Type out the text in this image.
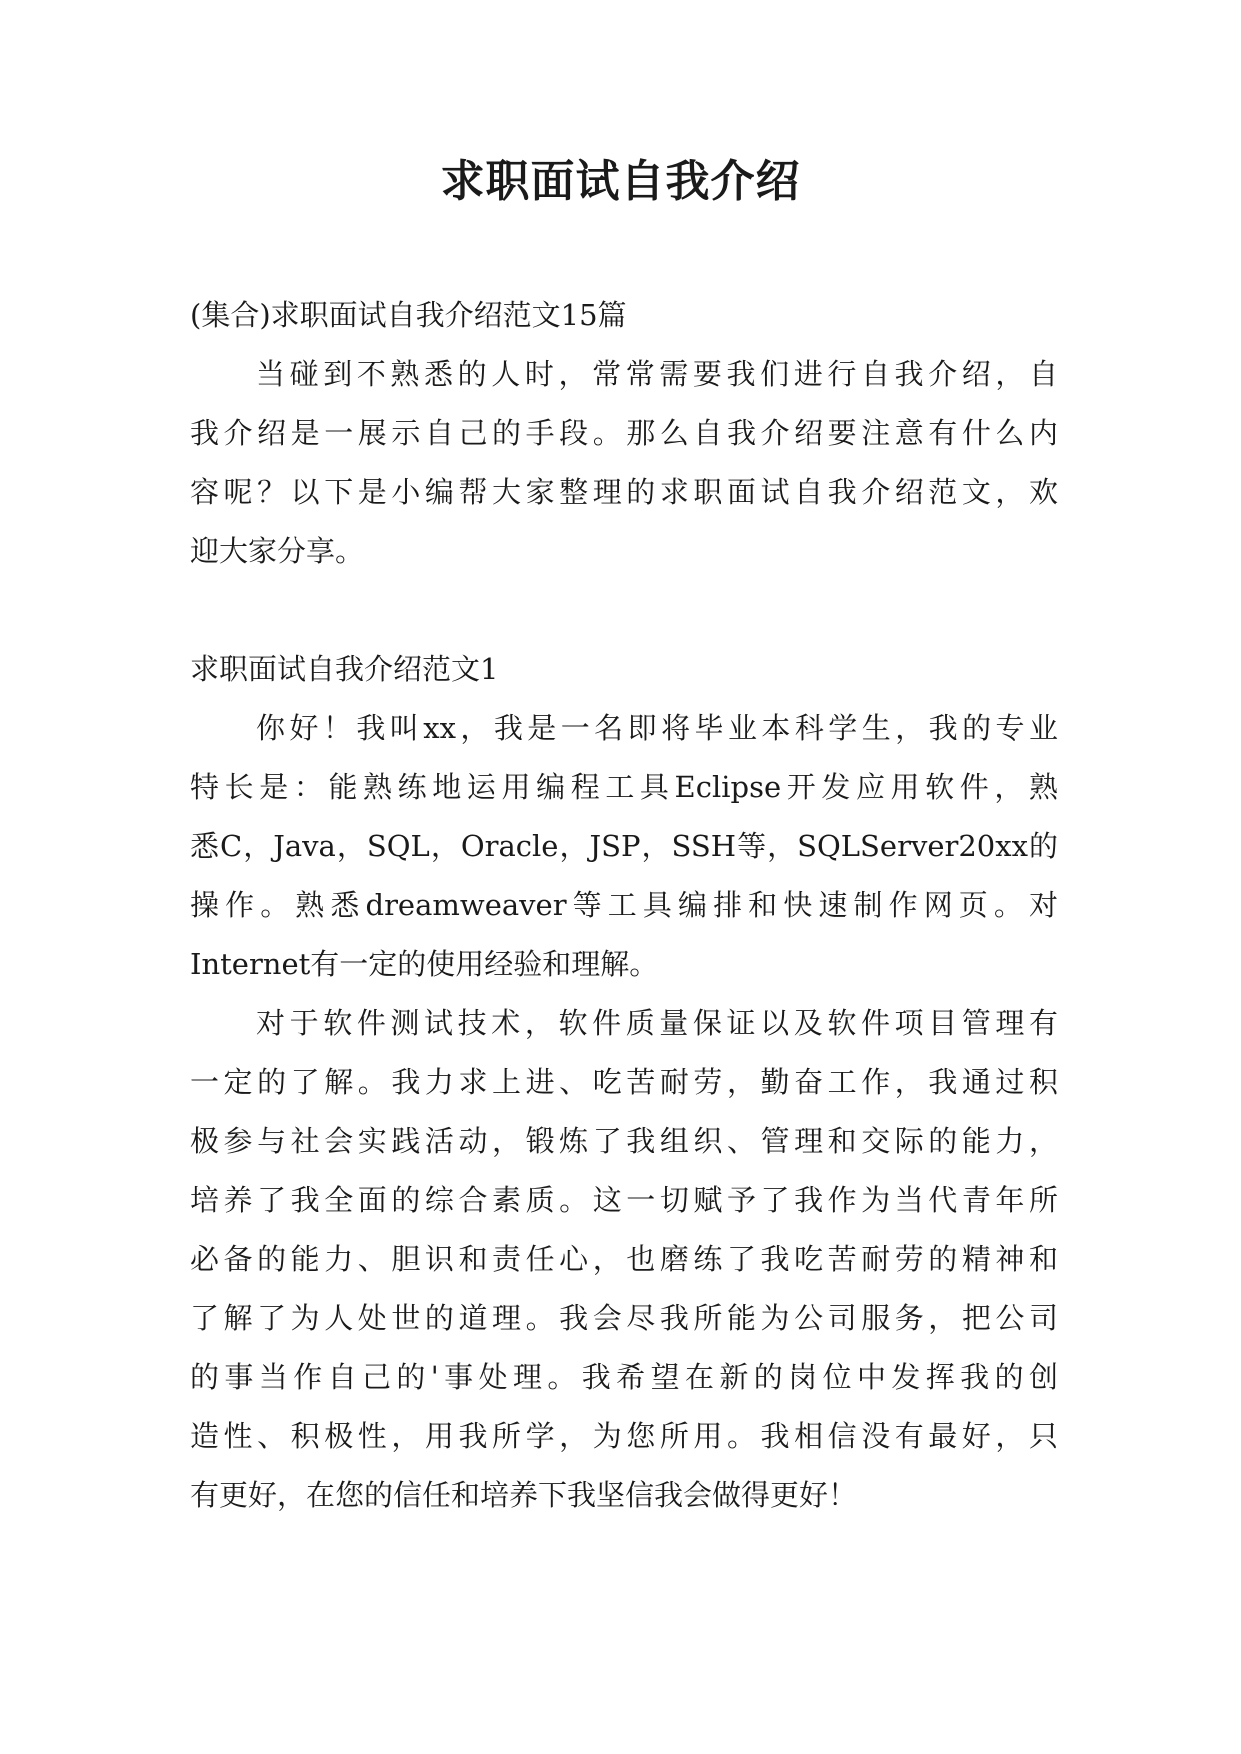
求职面试自我介绍
(集合)求职面试自我介绍范文15篇
当碰到不熟悉的人时，常常需要我们进行自我介绍，自
我介绍是一展示自己的手段。那么自我介绍要注意有什么内
容呢？以下是小编帮大家整理的求职面试自我介绍范文，欢
迎大家分享。
求职面试自我介绍范文1
你好！我叫xx，我是一名即将毕业本科学生，我的专业
特长是：能熟练地运用编程工具Eclipse开发应用软件，熟
悉C，Java，SQL，Oracle，JSP，SSH等，SQLServer20xx的
操作。熟悉dreamweaver等工具编排和快速制作网页。对
Internet有一定的使用经验和理解。
对于软件测试技术，软件质量保证以及软件项目管理有
一定的了解。我力求上进、吃苦耐劳，勤奋工作，我通过积
极参与社会实践活动，锻炼了我组织、管理和交际的能力，
培养了我全面的综合素质。这一切赋予了我作为当代青年所
必备的能力、胆识和责任心，也磨练了我吃苦耐劳的精神和
了解了为人处世的道理。我会尽我所能为公司服务，把公司
的事当作自己的'事处理。我希望在新的岗位中发挥我的创
造性、积极性，用我所学，为您所用。我相信没有最好，只
有更好，在您的信任和培养下我坚信我会做得更好！
